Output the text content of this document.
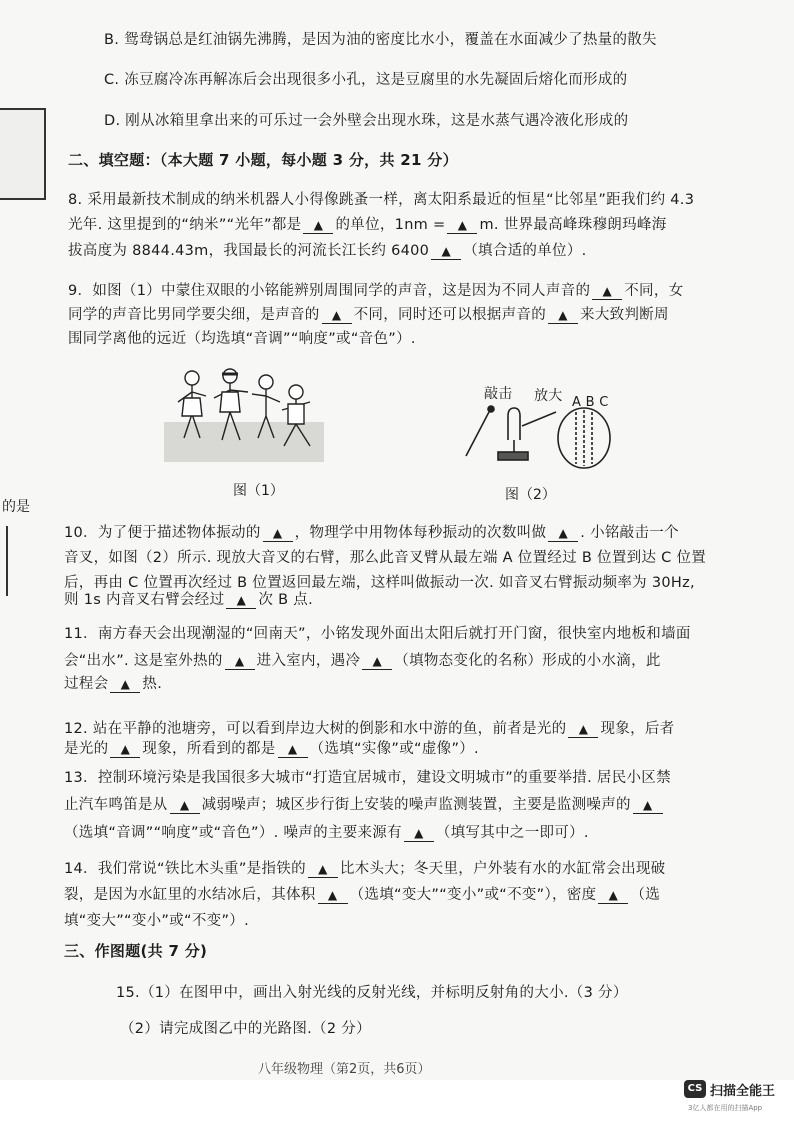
的是
B. 鸳鸯锅总是红油锅先沸腾，是因为油的密度比水小，覆盖在水面减少了热量的散失
C. 冻豆腐冷冻再解冻后会出现很多小孔，这是豆腐里的水先凝固后熔化而形成的
D. 刚从冰箱里拿出来的可乐过一会外壁会出现水珠，这是水蒸气遇冷液化形成的
二、填空题：（本大题 7 小题，每小题 3 分，共 21 分）
8. 采用最新技术制成的纳米机器人小得像跳蚤一样，离太阳系最近的恒星“比邻星”距我们约 4.3
光年. 这里提到的“纳米”“光年”都是 ▲ 的单位，1nm = ▲ m. 世界最高峰珠穆朗玛峰海
拔高度为 8844.43m，我国最长的河流长江长约 6400 ▲ （填合适的单位）.
9．如图（1）中蒙住双眼的小铭能辨别周围同学的声音，这是因为不同人声音的 ▲ 不同，女
同学的声音比男同学要尖细，是声音的 ▲ 不同，同时还可以根据声音的 ▲ 来大致判断周
围同学离他的远近（均选填“音调”“响度”或“音色”）.
图（1）
敲击 放大 A B C
图（2）
10．为了便于描述物体振动的 ▲ ，物理学中用物体每秒振动的次数叫做 ▲ . 小铭敲击一个
音叉，如图（2）所示. 现放大音叉的右臂，那么此音叉臂从最左端 A 位置经过 B 位置到达 C 位置
后，再由 C 位置再次经过 B 位置返回最左端，这样叫做振动一次. 如音叉右臂振动频率为 30Hz,
则 1s 内音叉右臂会经过 ▲ 次 B 点.
11．南方春天会出现潮湿的“回南天”，小铭发现外面出太阳后就打开门窗，很快室内地板和墙面
会“出水”. 这是室外热的 ▲ 进入室内，遇冷 ▲ （填物态变化的名称）形成的小水滴，此
过程会 ▲ 热.
12. 站在平静的池塘旁，可以看到岸边大树的倒影和水中游的鱼，前者是光的 ▲ 现象，后者
是光的 ▲ 现象，所看到的都是 ▲ （选填“实像”或“虚像”）.
13．控制环境污染是我国很多大城市“打造宜居城市，建设文明城市”的重要举措. 居民小区禁
止汽车鸣笛是从 ▲ 减弱噪声；城区步行街上安装的噪声监测装置，主要是监测噪声的 ▲
（选填“音调”“响度”或“音色”）. 噪声的主要来源有 ▲ （填写其中之一即可）.
14．我们常说“铁比木头重”是指铁的 ▲ 比木头大；冬天里，户外装有水的水缸常会出现破
裂，是因为水缸里的水结冰后，其体积 ▲ （选填“变大”“变小”或“不变”），密度 ▲ （选
填“变大”“变小”或“不变”）.
三、作图题(共 7 分)
15.（1）在图甲中，画出入射光线的反射光线，并标明反射角的大小.（3 分）
（2）请完成图乙中的光路图.（2 分）
八年级物理（第2页，共6页）
CS 扫描全能王
3亿人都在用的扫描App
